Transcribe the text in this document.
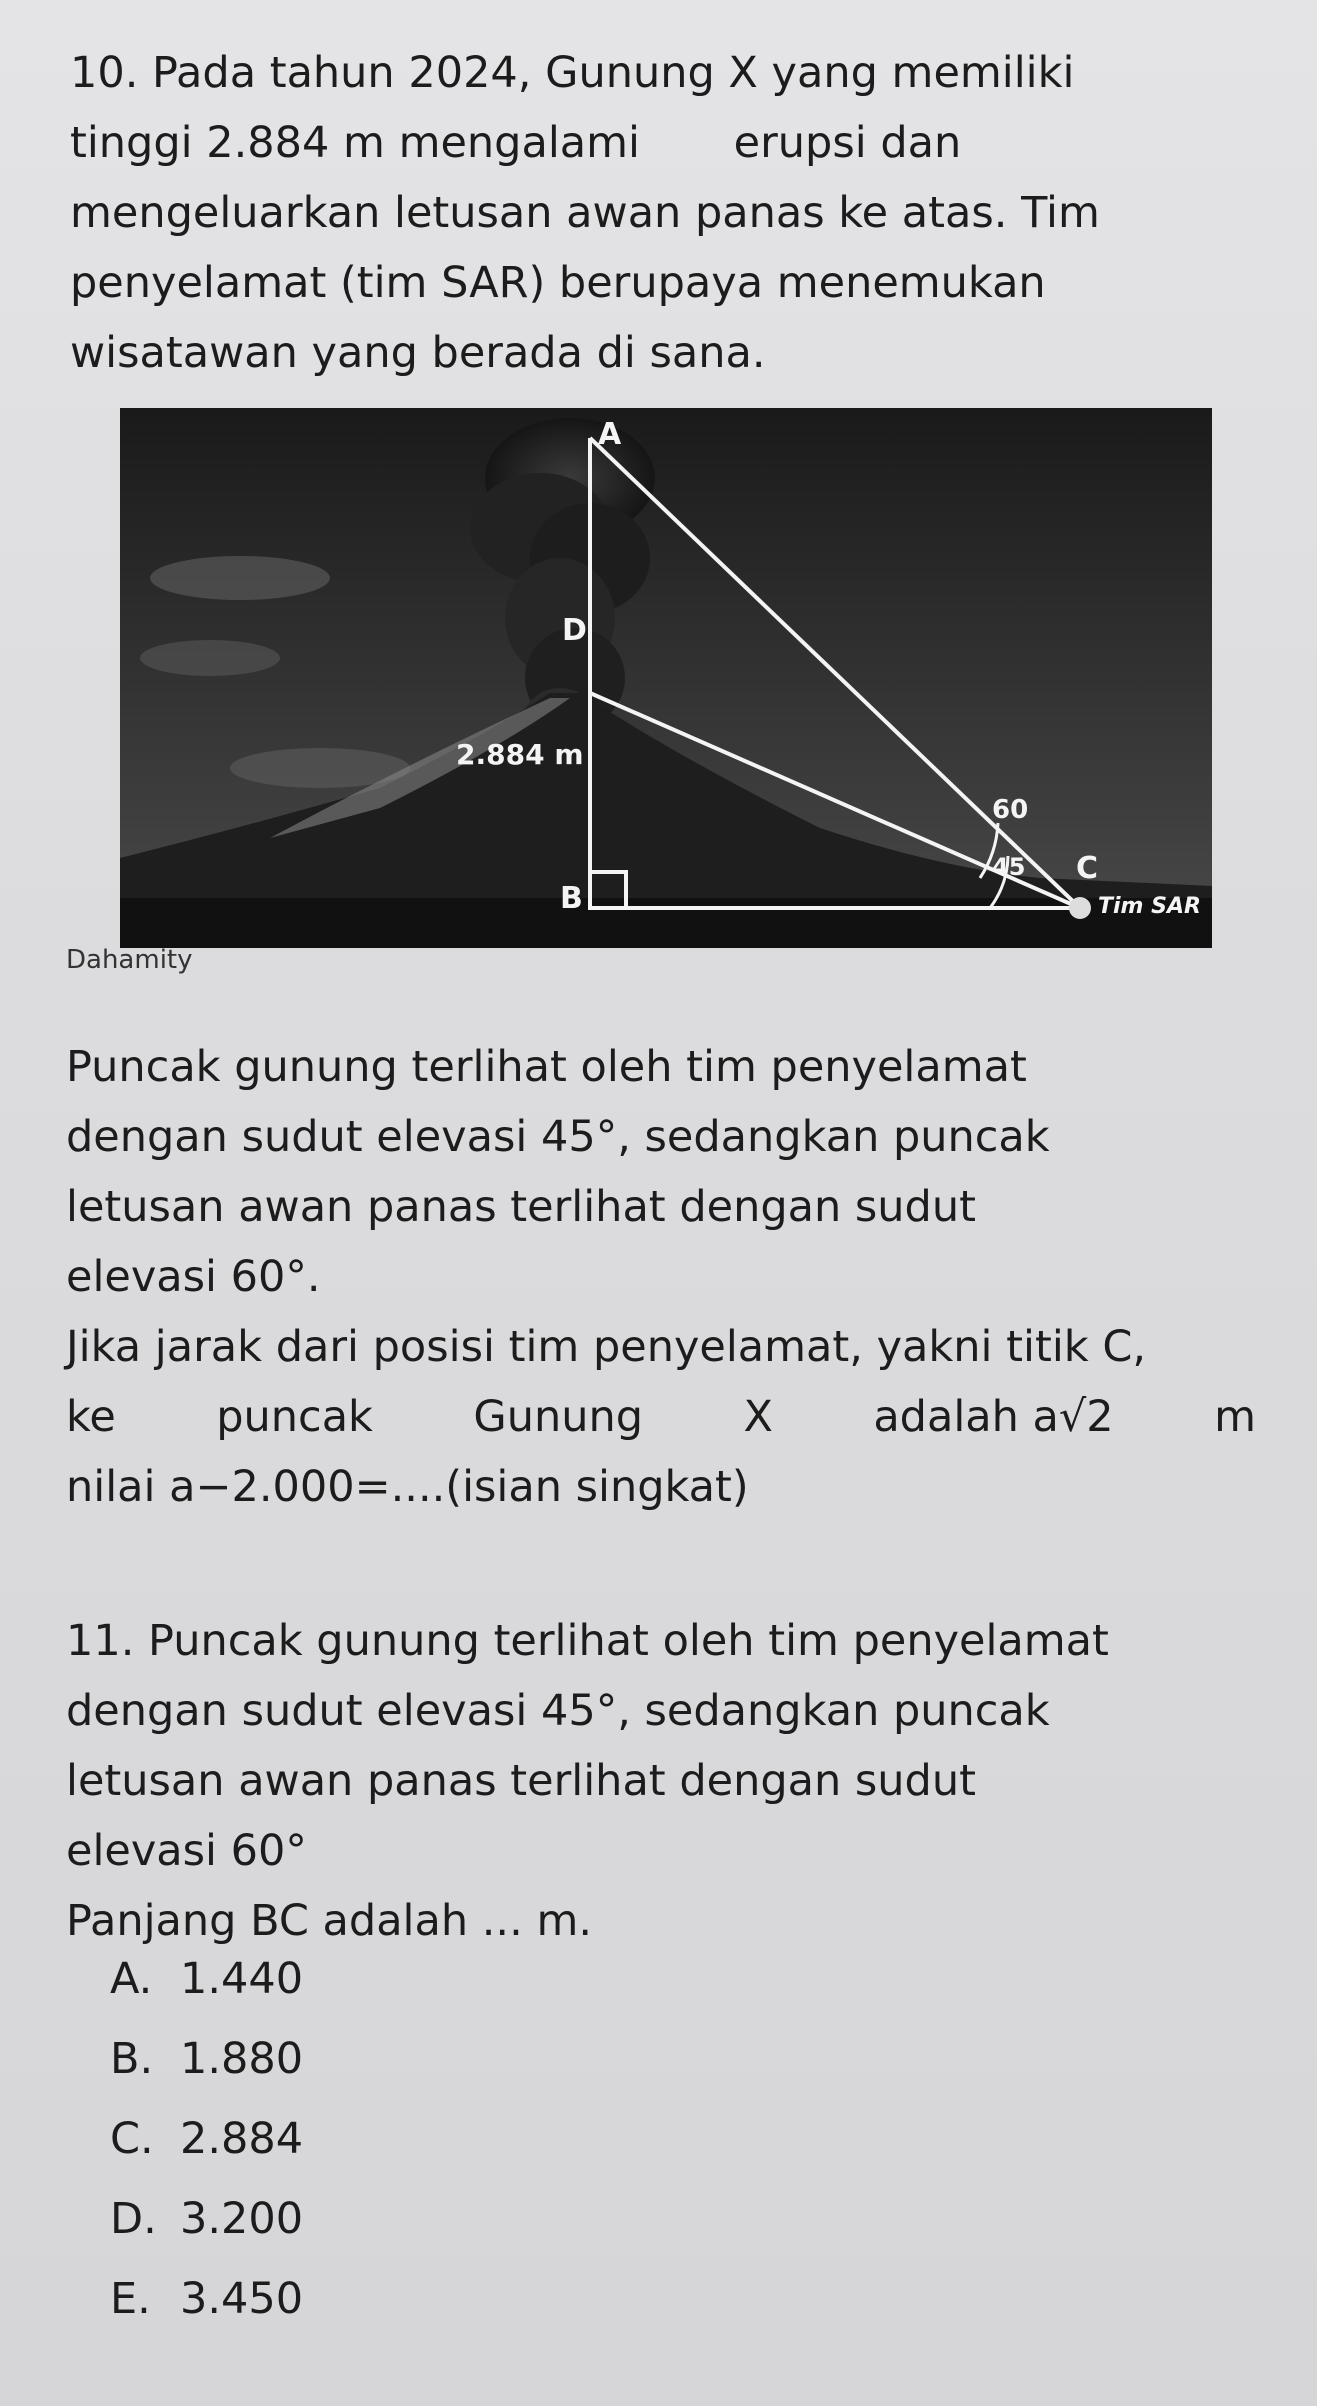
10. Pada tahun 2024, Gunung X yang memiliki
tinggi 2.884 m mengalami erupsi dan
mengeluarkan letusan awan panas ke atas. Tim
penyelamat (tim SAR) berupaya menemukan
wisatawan yang berada di sana.
A
D
B
C
2.884 m
60
45
Tim SAR
Dahamity
Puncak gunung terlihat oleh tim penyelamat
dengan sudut elevasi 45°, sedangkan puncak
letusan awan panas terlihat dengan sudut
elevasi 60°.
Jika jarak dari posisi tim penyelamat, yakni titik C,
ke puncak Gunung X adalah a√2 m
nilai a−2.000=....(isian singkat)
11. Puncak gunung terlihat oleh tim penyelamat
dengan sudut elevasi 45°, sedangkan puncak
letusan awan panas terlihat dengan sudut
elevasi 60°
Panjang BC adalah ... m.
A. 1.440
B. 1.880
C. 2.884
D. 3.200
E. 3.450
